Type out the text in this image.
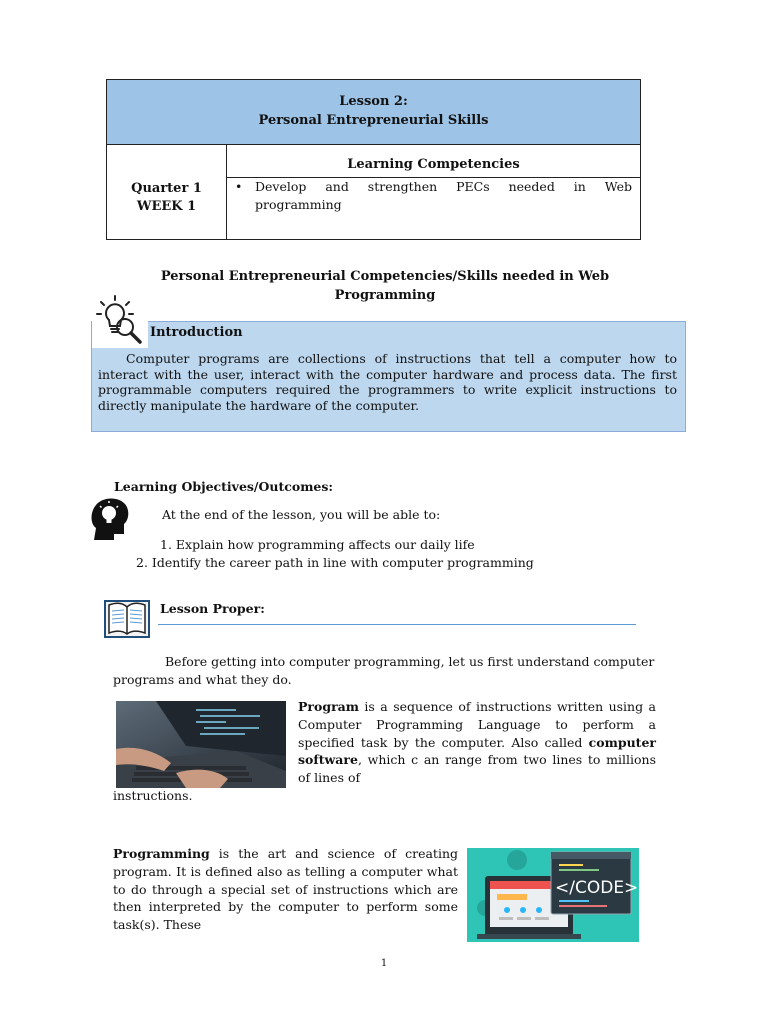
Lesson 2:
Personal Entrepreneurial Skills
Quarter 1
WEEK 1
Learning Competencies
• Develop and strengthen PECs needed in Web programming
Personal Entrepreneurial Competencies/Skills needed in Web Programming
Introduction
Computer programs are collections of instructions that tell a computer how to interact with the user, interact with the computer hardware and process data. The first programmable computers required the programmers to write explicit instructions to directly manipulate the hardware of the computer.
Learning Objectives/Outcomes:
At the end of the lesson, you will be able to:
1. Explain how programming affects our daily life
2. Identify the career path in line with computer programming
Lesson Proper:
Before getting into computer programming, let us first understand computer programs and what they do.
Program is a sequence of instructions written using a Computer Programming Language to perform a specified task by the computer. Also called computer software, which c an range from two lines to millions of lines of
instructions.
Programming is the art and science of creating program. It is defined also as telling a computer what to do through a special set of instructions which are then interpreted by the computer to perform some task(s). These
</CODE>
1
